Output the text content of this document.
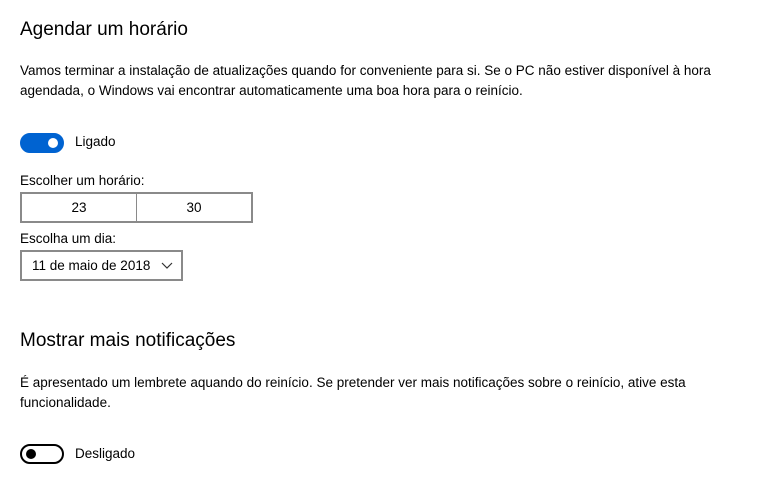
Agendar um horário
Vamos terminar a instalação de atualizações quando for conveniente para si. Se o PC não estiver disponível à hora agendada, o Windows vai encontrar automaticamente uma boa hora para o reinício.
Ligado
Escolher um horário:
23	30
Escolha um dia:
11 de maio de 2018
Mostrar mais notificações
É apresentado um lembrete aquando do reinício. Se pretender ver mais notificações sobre o reinício, ative esta funcionalidade.
Desligado
